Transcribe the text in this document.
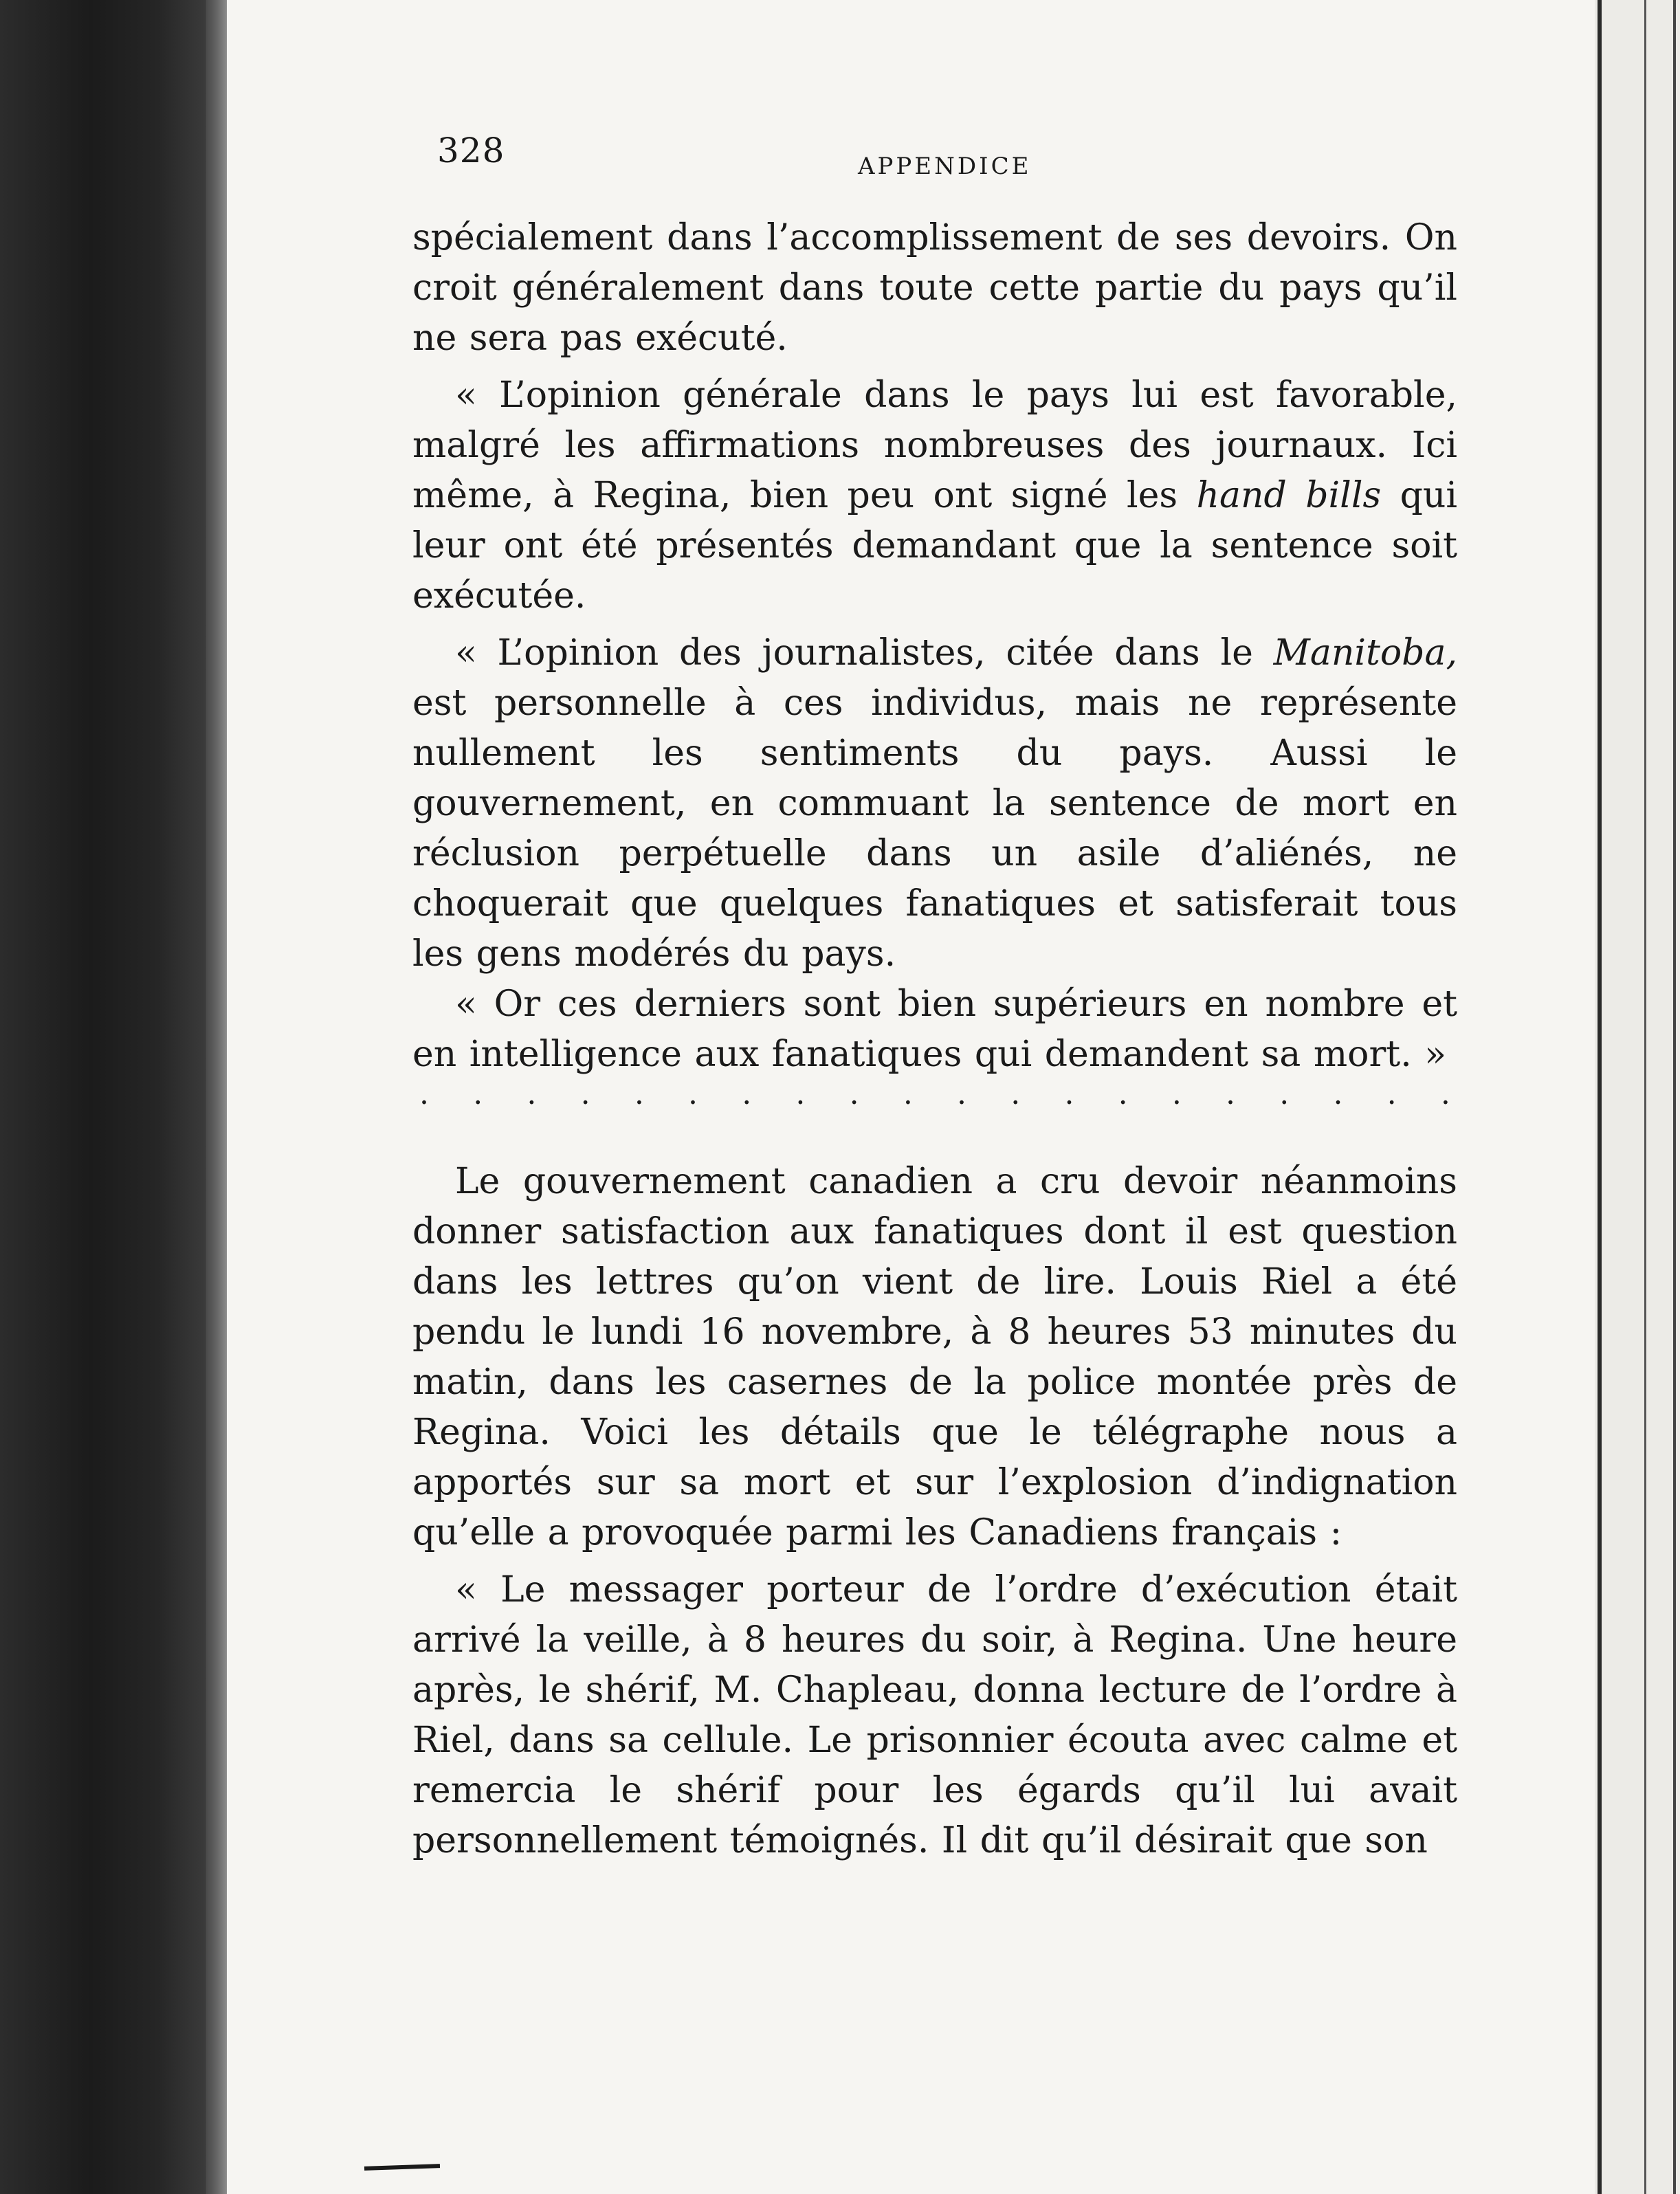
328	APPENDICE

spécialement dans l’accomplissement de ses devoirs. On croit généralement dans toute cette partie du pays qu’il ne sera pas exécuté.

« L’opinion générale dans le pays lui est favorable, malgré les affirmations nombreuses des journaux. Ici même, à Regina, bien peu ont signé les hand bills qui leur ont été présentés demandant que la sentence soit exécutée.

« L’opinion des journalistes, citée dans le Manitoba, est personnelle à ces individus, mais ne représente nullement les sentiments du pays. Aussi le gouvernement, en commuant la sentence de mort en réclusion perpétuelle dans un asile d’aliénés, ne choquerait que quelques fanatiques et satisferait tous les gens modérés du pays.

« Or ces derniers sont bien supérieurs en nombre et en intelligence aux fanatiques qui demandent sa mort. »

. . . . . . . . . . . . . . . . . . . .

Le gouvernement canadien a cru devoir néanmoins donner satisfaction aux fanatiques dont il est question dans les lettres qu’on vient de lire. Louis Riel a été pendu le lundi 16 novembre, à 8 heures 53 minutes du matin, dans les casernes de la police montée près de Regina. Voici les détails que le télégraphe nous a apportés sur sa mort et sur l’explosion d’indignation qu’elle a provoquée parmi les Canadiens français :

« Le messager porteur de l’ordre d’exécution était arrivé la veille, à 8 heures du soir, à Regina. Une heure après, le shérif, M. Chapleau, donna lecture de l’ordre à Riel, dans sa cellule. Le prisonnier écouta avec calme et remercia le shérif pour les égards qu’il lui avait personnellement témoignés. Il dit qu’il désirait que son
